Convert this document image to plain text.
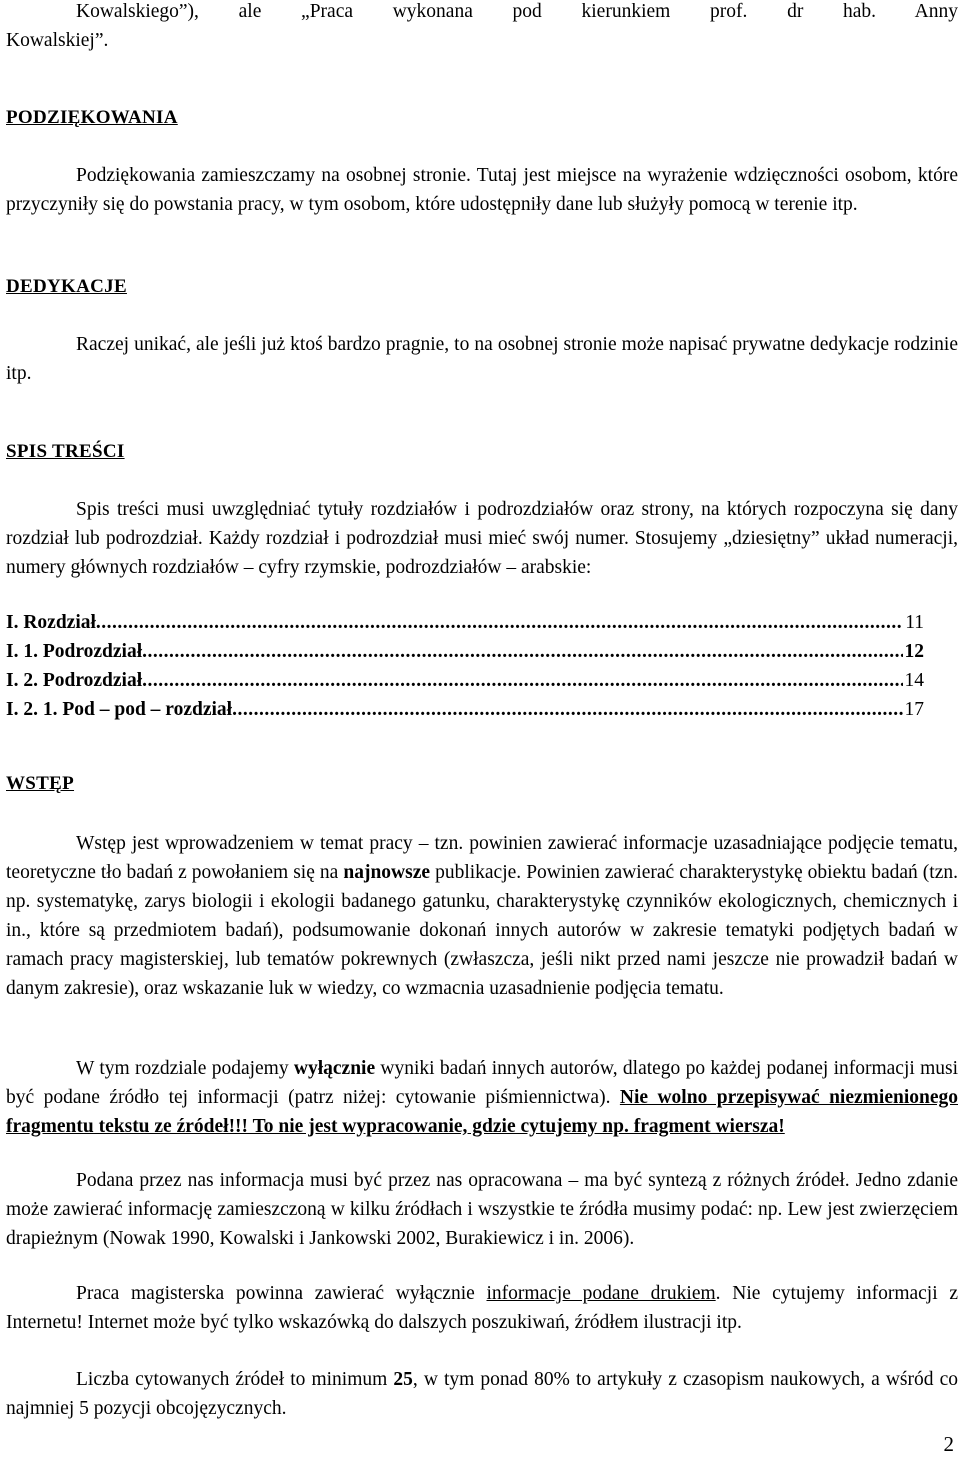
Kowalskiego”), ale „Praca wykonana pod kierunkiem prof. dr hab. Anny

Kowalskiej”.

PODZIĘKOWANIA

Podziękowania zamieszczamy na osobnej stronie. Tutaj jest miejsce na wyrażenie wdzięczności osobom, które przyczyniły się do powstania pracy, w tym osobom, które udostępniły dane lub służyły pomocą w terenie itp.

DEDYKACJE

Raczej unikać, ale jeśli już ktoś bardzo pragnie, to na osobnej stronie może napisać prywatne dedykacje rodzinie itp.

SPIS TREŚCI

Spis treści musi uwzględniać tytuły rozdziałów i podrozdziałów oraz strony, na których rozpoczyna się dany rozdział lub podrozdział. Każdy rozdział i podrozdział musi mieć swój numer. Stosujemy „dziesiętny” układ numeracji, numery głównych rozdziałów – cyfry rzymskie, podrozdziałów – arabskie:

I. Rozdział .....	11
I. 1. Podrozdział .....	12
I. 2. Podrozdział .....	14
I. 2. 1. Pod – pod – rozdział .....	17
WSTĘP

Wstęp jest wprowadzeniem w temat pracy – tzn. powinien zawierać informacje uzasadniające podjęcie tematu, teoretyczne tło badań z powołaniem się na najnowsze publikacje. Powinien zawierać charakterystykę obiektu badań (tzn. np. systematykę, zarys biologii i ekologii badanego gatunku, charakterystykę czynników ekologicznych, chemicznych i in., które są przedmiotem badań), podsumowanie dokonań innych autorów w zakresie tematyki podjętych badań w ramach pracy magisterskiej, lub tematów pokrewnych (zwłaszcza, jeśli nikt przed nami jeszcze nie prowadził badań w danym zakresie), oraz wskazanie luk w wiedzy, co wzmacnia uzasadnienie podjęcia tematu.

W tym rozdziale podajemy wyłącznie wyniki badań innych autorów, dlatego po każdej podanej informacji musi być podane źródło tej informacji (patrz niżej: cytowanie piśmiennictwa). Nie wolno przepisywać niezmienionego fragmentu tekstu ze źródeł!!! To nie jest wypracowanie, gdzie cytujemy np. fragment wiersza!

Podana przez nas informacja musi być przez nas opracowana – ma być syntezą z różnych źródeł. Jedno zdanie może zawierać informację zamieszczoną w kilku źródłach i wszystkie te źródła musimy podać: np. Lew jest zwierzęciem drapieżnym (Nowak 1990, Kowalski i Jankowski 2002, Burakiewicz i in. 2006).

Praca magisterska powinna zawierać wyłącznie informacje podane drukiem. Nie cytujemy informacji z Internetu! Internet może być tylko wskazówką do dalszych poszukiwań, źródłem ilustracji itp.

Liczba cytowanych źródeł to minimum 25, w tym ponad 80% to artykuły z czasopism naukowych, a wśród co najmniej 5 pozycji obcojęzycznych.

2
